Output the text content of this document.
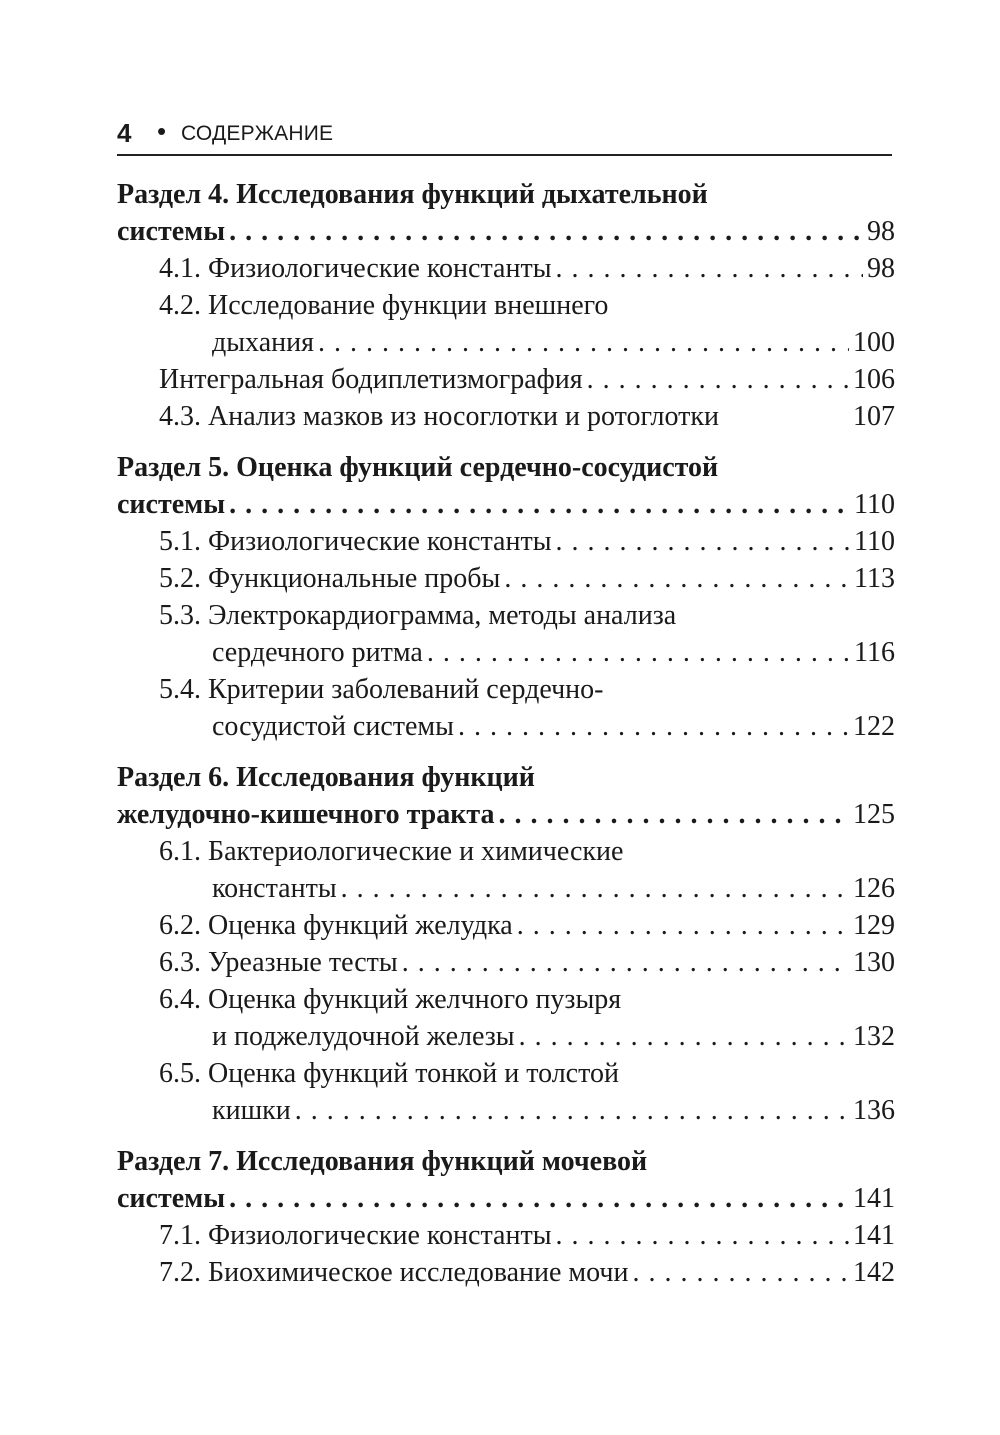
4 • СОДЕРЖАНИЕ
Раздел 4. Исследования функций дыхательной
системы . . .	98
4.1. Физиологические константы . . .	98
4.2. Исследование функции внешнего
дыхания . . .	100
Интегральная бодиплетизмография . . .	106
4.3. Анализ мазков из носоглотки и ротоглотки	107
Раздел 5. Оценка функций сердечно-сосудистой
системы . . .	110
5.1. Физиологические константы . . .	110
5.2. Функциональные пробы . . .	113
5.3. Электрокардиограмма, методы анализа
сердечного ритма . . .	116
5.4. Критерии заболеваний сердечно-
сосудистой системы . . .	122
Раздел 6. Исследования функций
желудочно-кишечного тракта . . .	125
6.1. Бактериологические и химические
константы . . .	126
6.2. Оценка функций желудка . . .	129
6.3. Уреазные тесты . . .	130
6.4. Оценка функций желчного пузыря
и поджелудочной железы . . .	132
6.5. Оценка функций тонкой и толстой
кишки . . .	136
Раздел 7. Исследования функций мочевой
системы . . .	141
7.1. Физиологические константы . . .	141
7.2. Биохимическое исследование мочи . . .	142
